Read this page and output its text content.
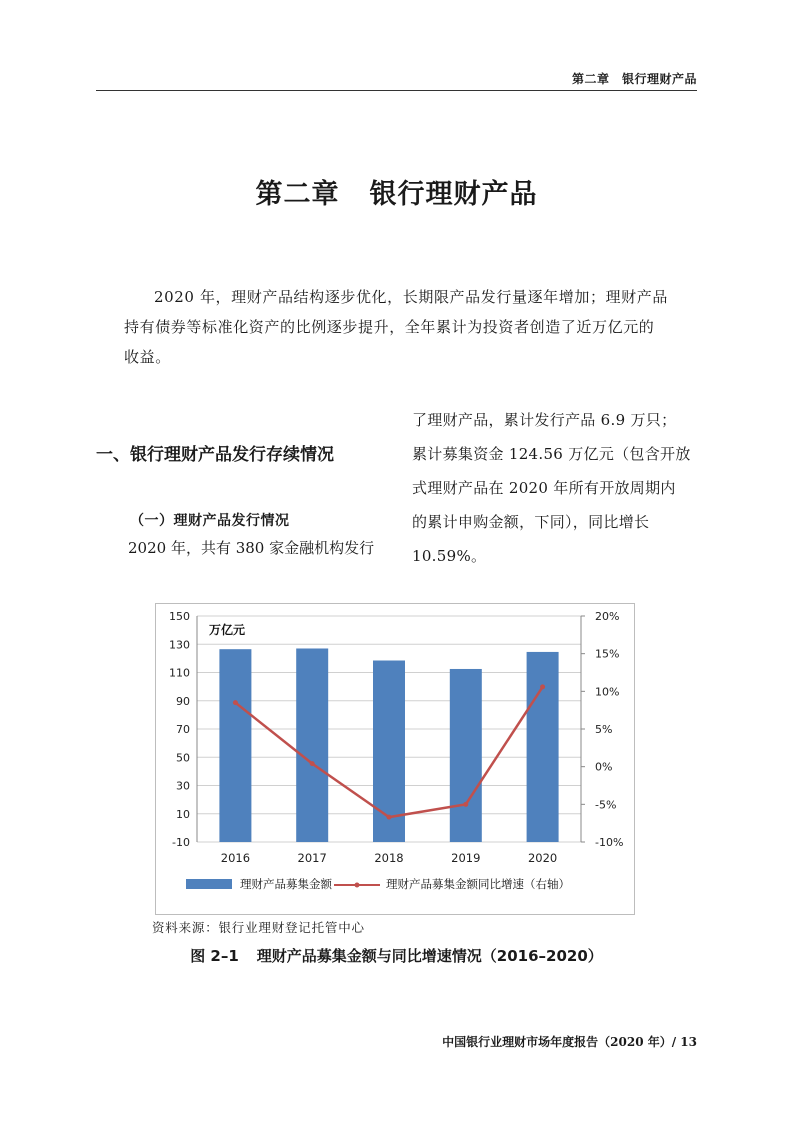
第二章　银行理财产品
第二章 银行理财产品
2020 年，理财产品结构逐步优化，长期限产品发行量逐年增加；理财产品
持有债券等标准化资产的比例逐步提升，全年累计为投资者创造了近万亿元的
收益。
一、银行理财产品发行存续情况
（一）理财产品发行情况
2020 年，共有 380 家金融机构发行
了理财产品，累计发行产品 6.9 万只；
累计募集资金 124.56 万亿元（包含开放
式理财产品在 2020 年所有开放周期内
的累计申购金额，下同），同比增长
10.59%。
150
130
110
90
70
50
30
10
-10
20%
15%
10%
5%
0%
-5%
-10%
2016	2017	2018	2019	2020
万亿元
理财产品募集金额	理财产品募集金额同比增速（右轴）
资料来源：银行业理财登记托管中心
图 2–1 理财产品募集金额与同比增速情况（2016–2020）
中国银行业理财市场年度报告（2020 年）/ 13
